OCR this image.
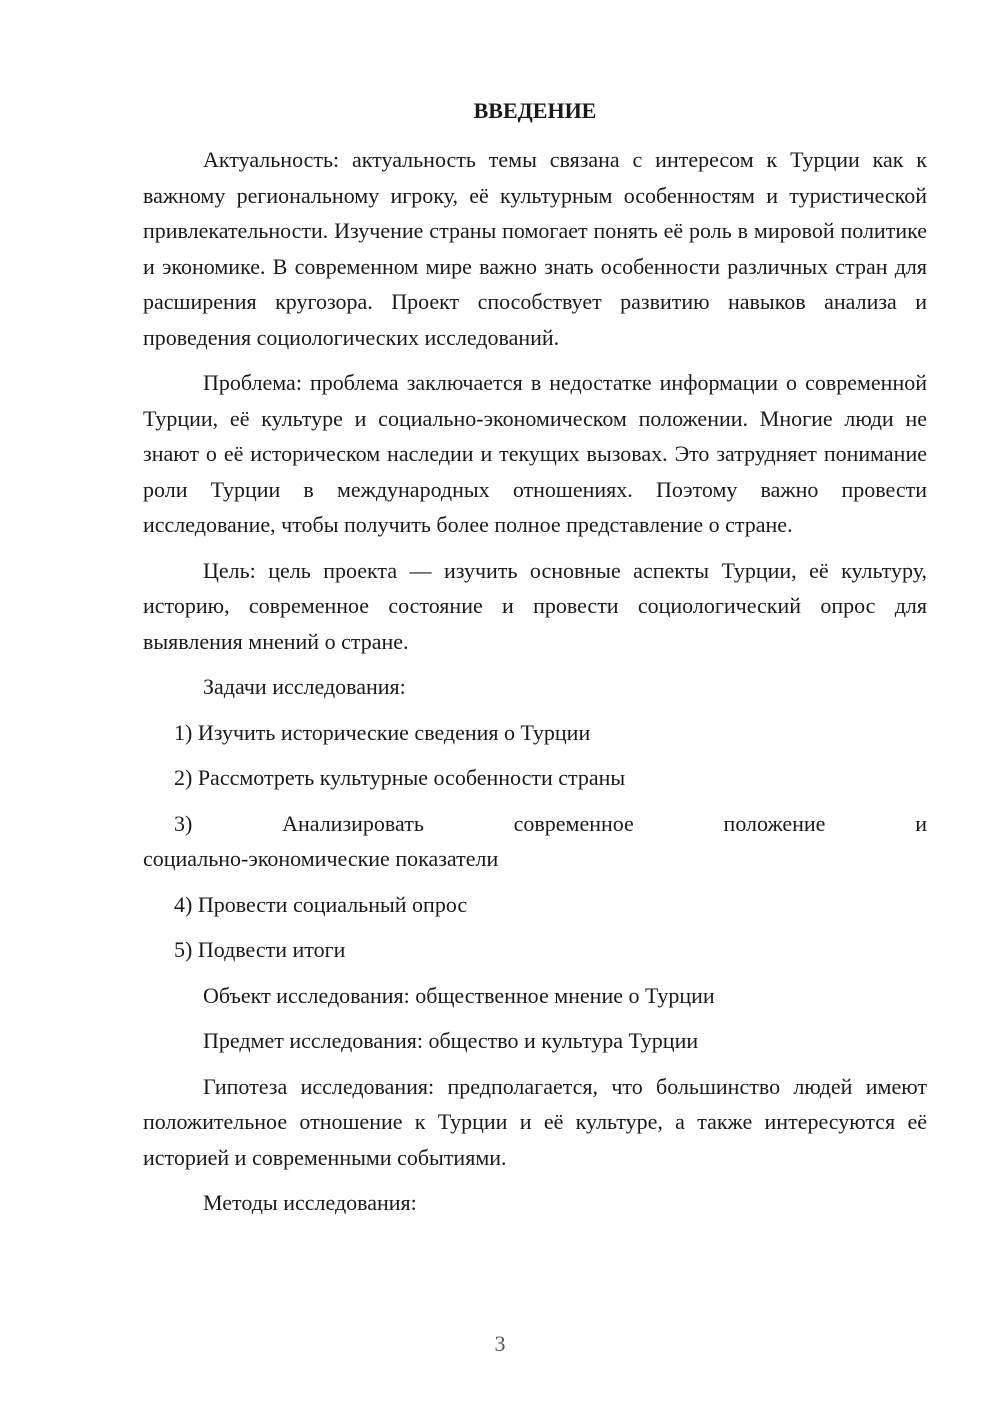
ВВЕДЕНИЕ

Актуальность: актуальность темы связана с интересом к Турции как к важному региональному игроку, её культурным особенностям и туристической привлекательности. Изучение страны помогает понять её роль в мировой политике и экономике. В современном мире важно знать особенности различных стран для расширения кругозора. Проект способствует развитию навыков анализа и проведения социологических исследований.

Проблема: проблема заключается в недостатке информации о современной Турции, её культуре и социально-экономическом положении. Многие люди не знают о её историческом наследии и текущих вызовах. Это затрудняет понимание роли Турции в международных отношениях. Поэтому важно провести исследование, чтобы получить более полное представление о стране.

Цель: цель проекта — изучить основные аспекты Турции, её культуру, историю, современное состояние и провести социологический опрос для выявления мнений о стране.

Задачи исследования:
1) Изучить исторические сведения о Турции
2) Рассмотреть культурные особенности страны
3)	Анализировать	современное	положение	и
социально-экономические показатели
4) Провести социальный опрос
5) Подвести итоги
Объект исследования: общественное мнение о Турции
Предмет исследования: общество и культура Турции

Гипотеза исследования: предполагается, что большинство людей имеют положительное отношение к Турции и её культуре, а также интересуются её историей и современными событиями.

Методы исследования:
3
